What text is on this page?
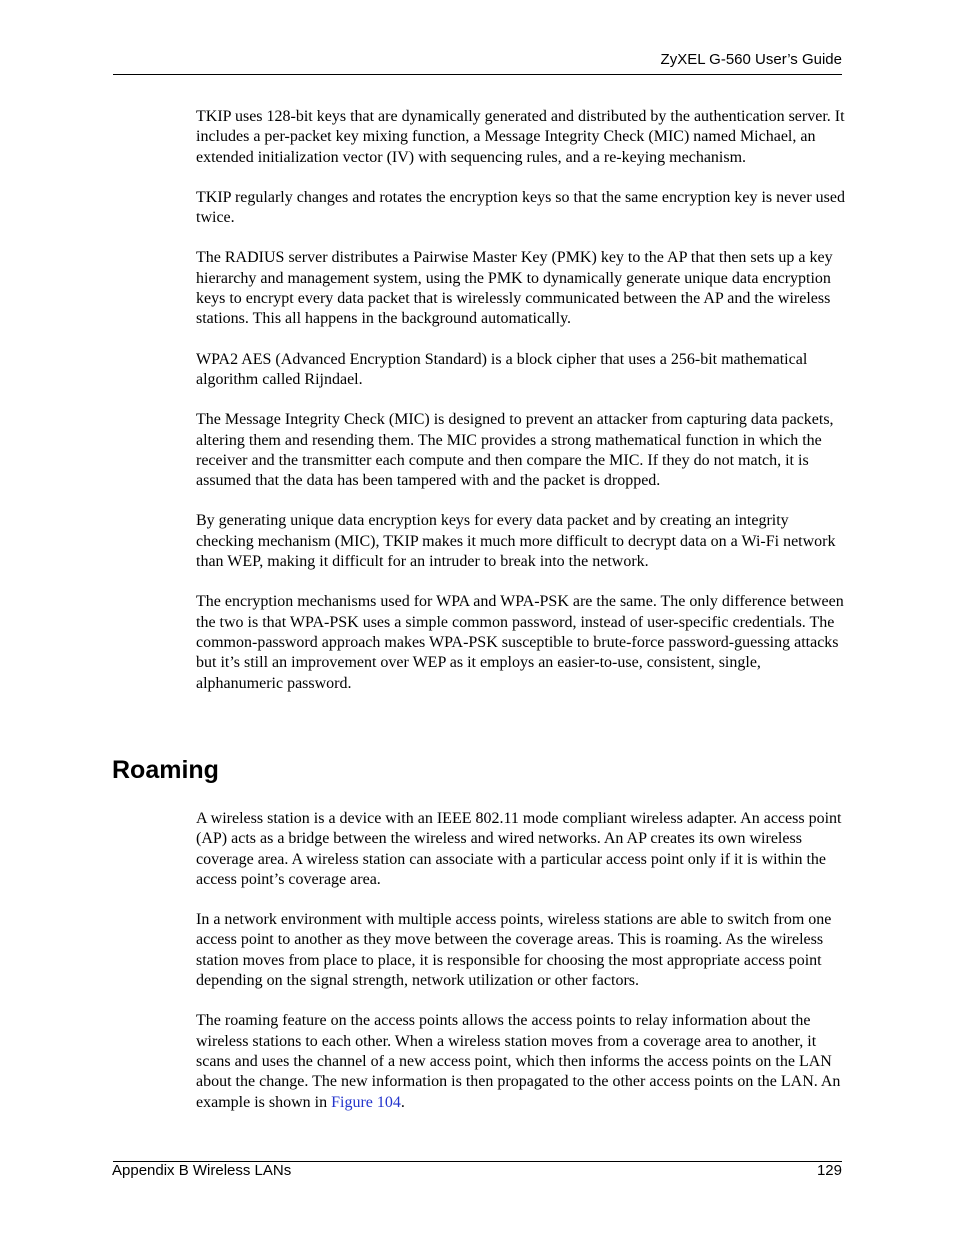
ZyXEL G-560 User’s Guide

TKIP uses 128-bit keys that are dynamically generated and distributed by the authentication server. It includes a per-packet key mixing function, a Message Integrity Check (MIC) named Michael, an extended initialization vector (IV) with sequencing rules, and a re-keying mechanism.

TKIP regularly changes and rotates the encryption keys so that the same encryption key is never used twice.

The RADIUS server distributes a Pairwise Master Key (PMK) key to the AP that then sets up a key hierarchy and management system, using the PMK to dynamically generate unique data encryption keys to encrypt every data packet that is wirelessly communicated between the AP and the wireless stations. This all happens in the background automatically.

WPA2 AES (Advanced Encryption Standard) is a block cipher that uses a 256-bit mathematical algorithm called Rijndael.

The Message Integrity Check (MIC) is designed to prevent an attacker from capturing data packets, altering them and resending them. The MIC provides a strong mathematical function in which the receiver and the transmitter each compute and then compare the MIC. If they do not match, it is assumed that the data has been tampered with and the packet is dropped.

By generating unique data encryption keys for every data packet and by creating an integrity checking mechanism (MIC), TKIP makes it much more difficult to decrypt data on a Wi-Fi network than WEP, making it difficult for an intruder to break into the network.

The encryption mechanisms used for WPA and WPA-PSK are the same. The only difference between the two is that WPA-PSK uses a simple common password, instead of user-specific credentials. The common-password approach makes WPA-PSK susceptible to brute-force password-guessing attacks but it’s still an improvement over WEP as it employs an easier-to-use, consistent, single, alphanumeric password.

Roaming

A wireless station is a device with an IEEE 802.11 mode compliant wireless adapter. An access point (AP) acts as a bridge between the wireless and wired networks. An AP creates its own wireless coverage area. A wireless station can associate with a particular access point only if it is within the access point’s coverage area.

In a network environment with multiple access points, wireless stations are able to switch from one access point to another as they move between the coverage areas. This is roaming. As the wireless station moves from place to place, it is responsible for choosing the most appropriate access point depending on the signal strength, network utilization or other factors.

The roaming feature on the access points allows the access points to relay information about the wireless stations to each other. When a wireless station moves from a coverage area to another, it scans and uses the channel of a new access point, which then informs the access points on the LAN about the change. The new information is then propagated to the other access points on the LAN. An example is shown in Figure 104.

Appendix B Wireless LANs	129
